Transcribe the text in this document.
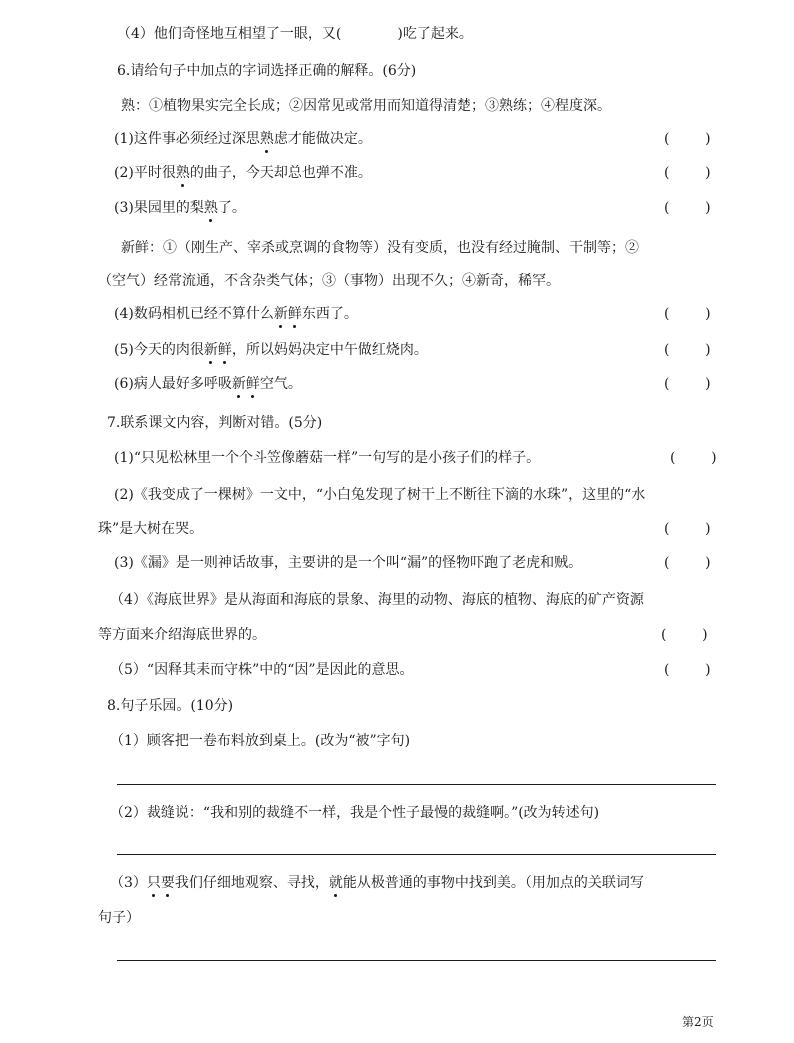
（4）他们奇怪地互相望了一眼，又(	)吃了起来。
6.请给句子中加点的字词选择正确的解释。(6分)
熟：①植物果实完全长成；②因常见或常用而知道得清楚；③熟练；④程度深。
(1)这件事必须经过深思熟虑才能做决定。	(        )
(2)平时很熟的曲子，今天却总也弹不准。	(        )
(3)果园里的梨熟了。	(        )
新鲜：①（刚生产、宰杀或烹调的食物等）没有变质，也没有经过腌制、干制等；②
（空气）经常流通，不含杂类气体；③（事物）出现不久；④新奇，稀罕。
(4)数码相机已经不算什么新鲜东西了。	(        )
(5)今天的肉很新鲜，所以妈妈决定中午做红烧肉。	(        )
(6)病人最好多呼吸新鲜空气。	(        )
7.联系课文内容，判断对错。(5分)
(1)“只见松林里一个个斗笠像蘑菇一样”一句写的是小孩子们的样子。	(        )
(2)《我变成了一棵树》一文中，“小白兔发现了树干上不断往下滴的水珠”，这里的“水
珠”是大树在哭。	(        )
(3)《漏》是一则神话故事，主要讲的是一个叫“漏”的怪物吓跑了老虎和贼。	(        )
（4）《海底世界》是从海面和海底的景象、海里的动物、海底的植物、海底的矿产资源
等方面来介绍海底世界的。	(        )
（5）“因释其耒而守株”中的“因”是因此的意思。	(        )
8.句子乐园。(10分)
（1）顾客把一卷布料放到桌上。(改为“被”字句)
（2）裁缝说：“我和别的裁缝不一样，我是个性子最慢的裁缝啊。”(改为转述句)
（3）只要我们仔细地观察、寻找，就能从极普通的事物中找到美。（用加点的关联词写
句子）
第2页
